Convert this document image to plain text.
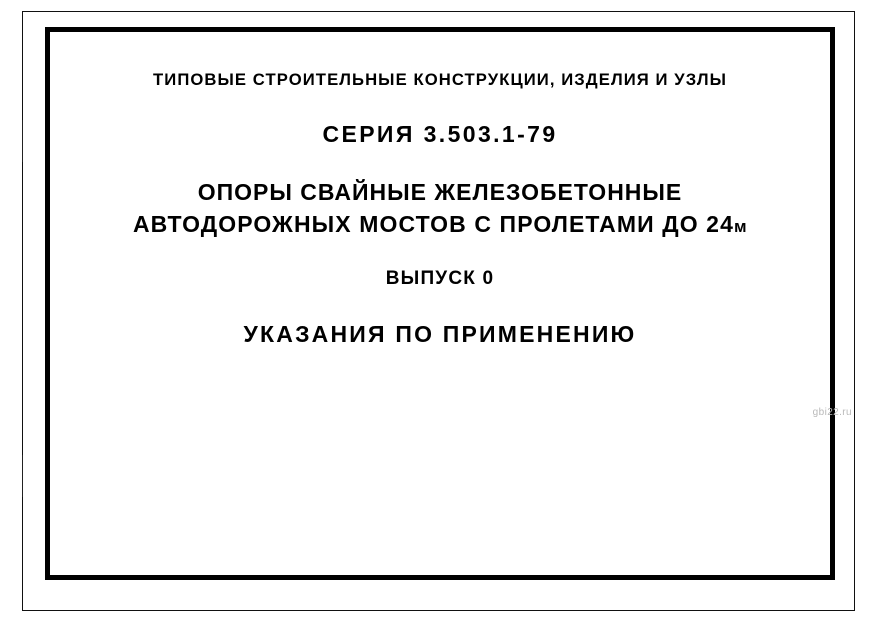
ТИПОВЫЕ СТРОИТЕЛЬНЫЕ КОНСТРУКЦИИ, ИЗДЕЛИЯ И УЗЛЫ
СЕРИЯ 3.503.1-79
ОПОРЫ СВАЙНЫЕ ЖЕЛЕЗОБЕТОННЫЕ
АВТОДОРОЖНЫХ МОСТОВ С ПРОЛЕТАМИ ДО 24м
ВЫПУСК 0
УКАЗАНИЯ ПО ПРИМЕНЕНИЮ
gbi22.ru
